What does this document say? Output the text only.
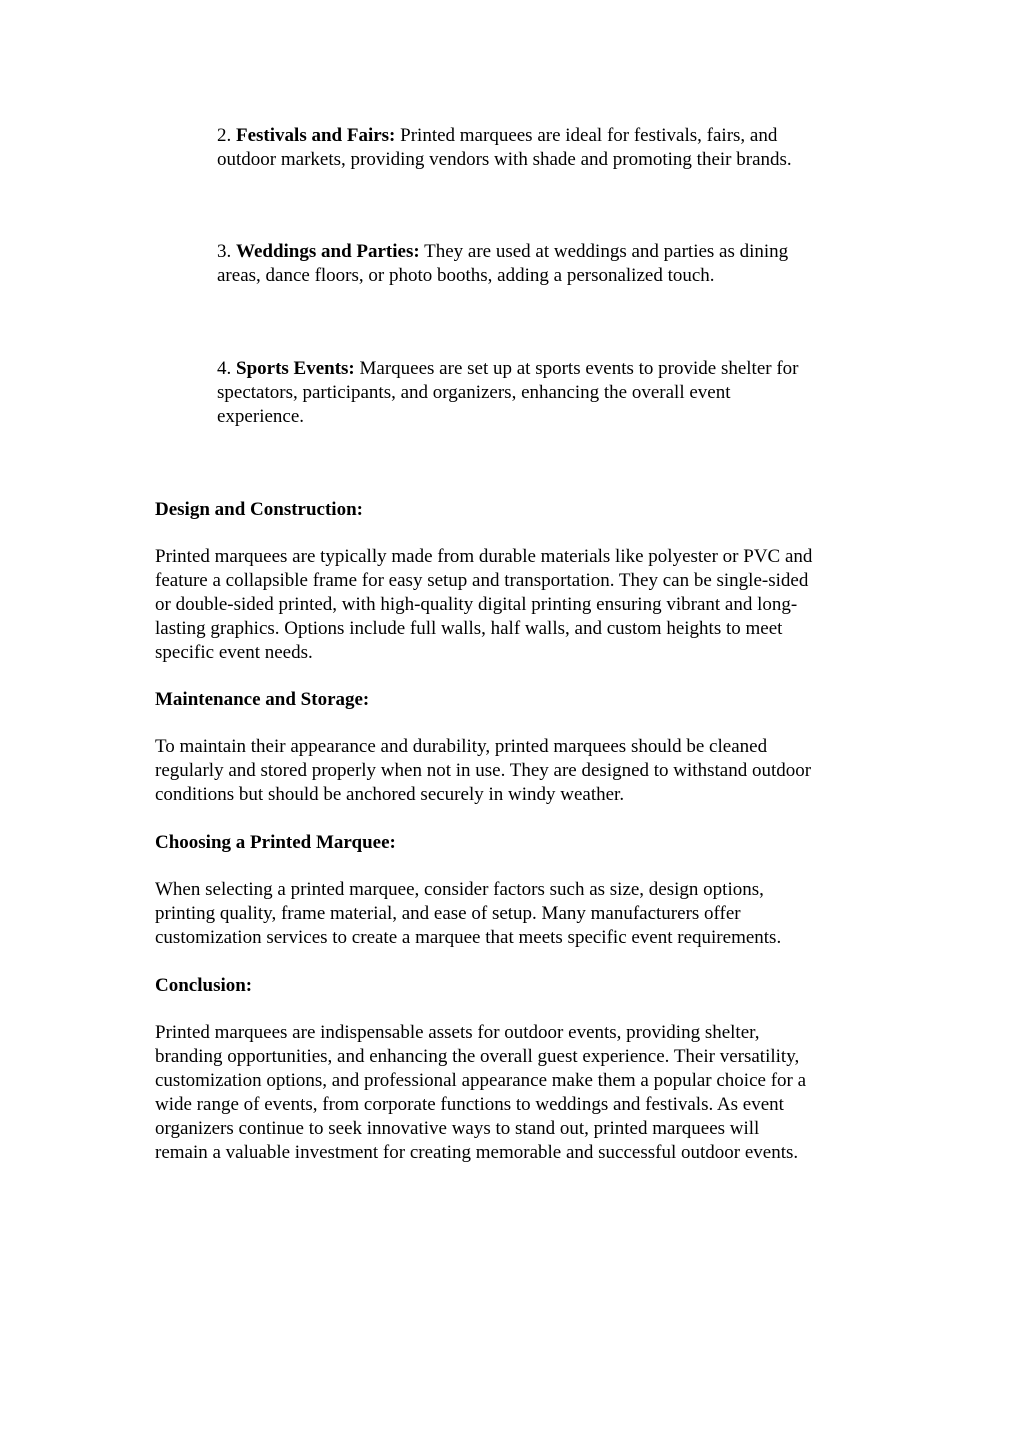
2. Festivals and Fairs: Printed marquees are ideal for festivals, fairs, and
outdoor markets, providing vendors with shade and promoting their brands.

3. Weddings and Parties: They are used at weddings and parties as dining
areas, dance floors, or photo booths, adding a personalized touch.

4. Sports Events: Marquees are set up at sports events to provide shelter for
spectators, participants, and organizers, enhancing the overall event
experience.

Design and Construction:

Printed marquees are typically made from durable materials like polyester or PVC and
feature a collapsible frame for easy setup and transportation. They can be single-sided
or double-sided printed, with high-quality digital printing ensuring vibrant and long-
lasting graphics. Options include full walls, half walls, and custom heights to meet
specific event needs.

Maintenance and Storage:

To maintain their appearance and durability, printed marquees should be cleaned
regularly and stored properly when not in use. They are designed to withstand outdoor
conditions but should be anchored securely in windy weather.

Choosing a Printed Marquee:

When selecting a printed marquee, consider factors such as size, design options,
printing quality, frame material, and ease of setup. Many manufacturers offer
customization services to create a marquee that meets specific event requirements.

Conclusion:

Printed marquees are indispensable assets for outdoor events, providing shelter,
branding opportunities, and enhancing the overall guest experience. Their versatility,
customization options, and professional appearance make them a popular choice for a
wide range of events, from corporate functions to weddings and festivals. As event
organizers continue to seek innovative ways to stand out, printed marquees will
remain a valuable investment for creating memorable and successful outdoor events.
